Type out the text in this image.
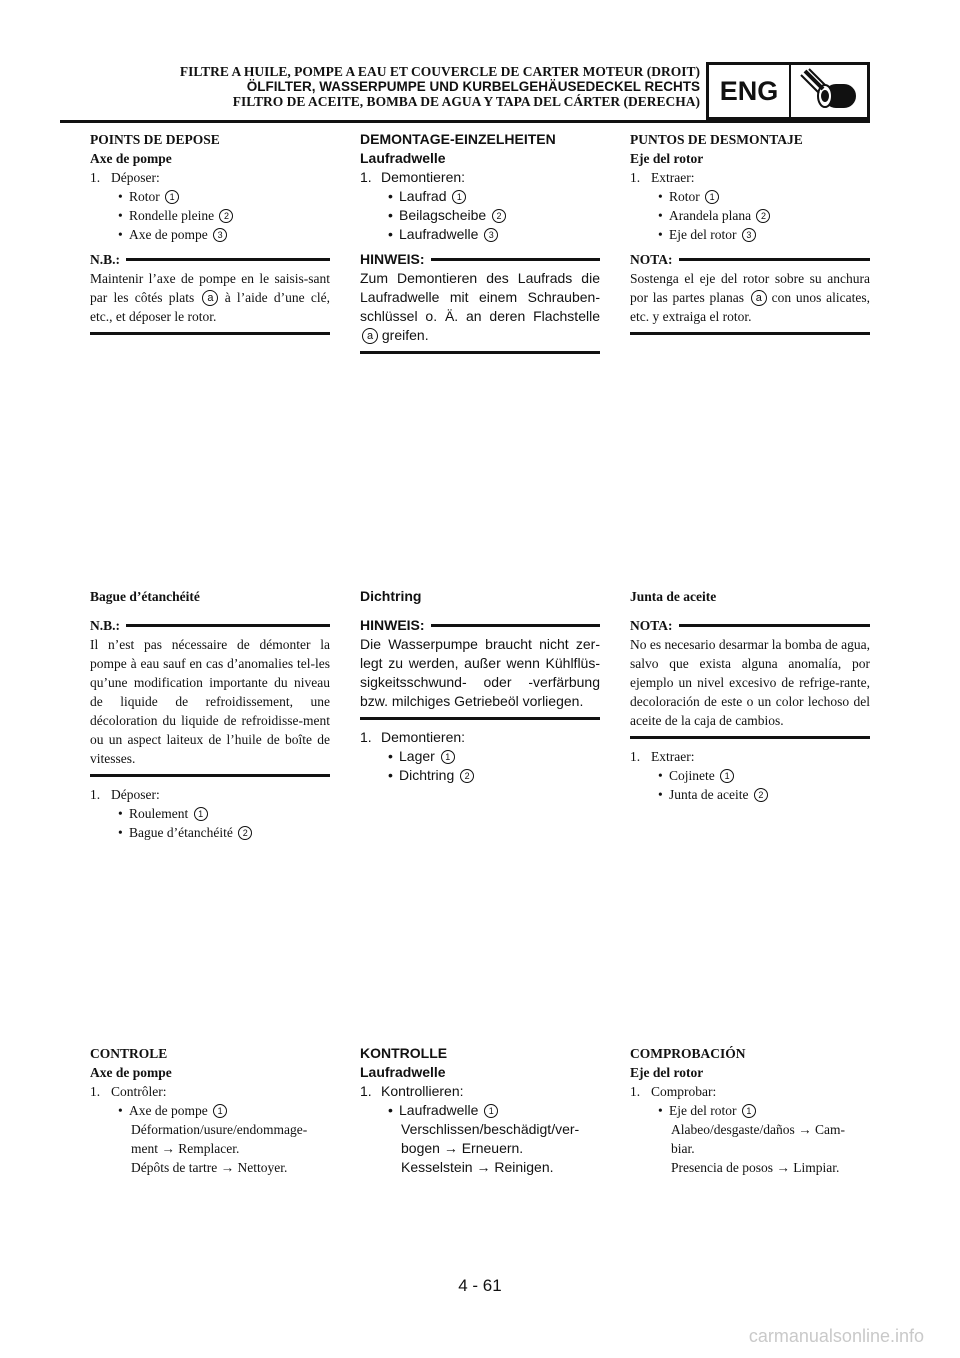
FILTRE A HUILE, POMPE A EAU ET COUVERCLE DE CARTER MOTEUR (DROIT)
ÖLFILTER, WASSERPUMPE UND KURBELGEHÄUSEDECKEL RECHTS
FILTRO DE ACEITE, BOMBA DE AGUA Y TAPA DEL CÁRTER (DERECHA) ENG
POINTS DE DEPOSE
Axe de pompe
1. Déposer:
• Rotor 1
• Rondelle pleine 2
• Axe de pompe 3
N.B.:
Maintenir l’axe de pompe en le saisis-sant par les côtés plats a à l’aide d’une clé, etc., et déposer le rotor.
DEMONTAGE-EINZELHEITEN
Laufradwelle
1. Demontieren:
• Laufrad 1
• Beilagscheibe 2
• Laufradwelle 3
HINWEIS:
Zum Demontieren des Laufrads die Laufradwelle mit einem Schrauben-schlüssel o. Ä. an deren Flachstelle a greifen.
PUNTOS DE DESMONTAJE
Eje del rotor
1. Extraer:
• Rotor 1
• Arandela plana 2
• Eje del rotor 3
NOTA:
Sostenga el eje del rotor sobre su anchura por las partes planas a con unos alicates, etc. y extraiga el rotor.
Bague d’étanchéité
N.B.:
Il n’est pas nécessaire de démonter la pompe à eau sauf en cas d’anomalies tel-les qu’une modification importante du niveau de liquide de refroidissement, une décoloration du liquide de refroidisse-ment ou un aspect laiteux de l’huile de boîte de vitesses.
1. Déposer:
• Roulement 1
• Bague d’étanchéité 2
Dichtring
HINWEIS:
Die Wasserpumpe braucht nicht zer-legt zu werden, außer wenn Kühlflüs-sigkeitsschwund- oder -verfärbung bzw. milchiges Getriebeöl vorliegen.
1. Demontieren:
• Lager 1
• Dichtring 2
Junta de aceite
NOTA:
No es necesario desarmar la bomba de agua, salvo que exista alguna anomalía, por ejemplo un nivel excesivo de refrige-rante, decoloración de este o un color lechoso del aceite de la caja de cambios.
1. Extraer:
• Cojinete 1
• Junta de aceite 2
CONTROLE
Axe de pompe
1. Contrôler:
• Axe de pompe 1
Déformation/usure/endommage-
ment → Remplacer.
Dépôts de tartre → Nettoyer.
KONTROLLE
Laufradwelle
1. Kontrollieren:
• Laufradwelle 1
Verschlissen/beschädigt/ver-
bogen → Erneuern.
Kesselstein → Reinigen.
COMPROBACIÓN
Eje del rotor
1. Comprobar:
• Eje del rotor 1
Alabeo/desgaste/daños → Cam-
biar.
Presencia de posos → Limpiar.
4 - 61
carmanualsonline.info
